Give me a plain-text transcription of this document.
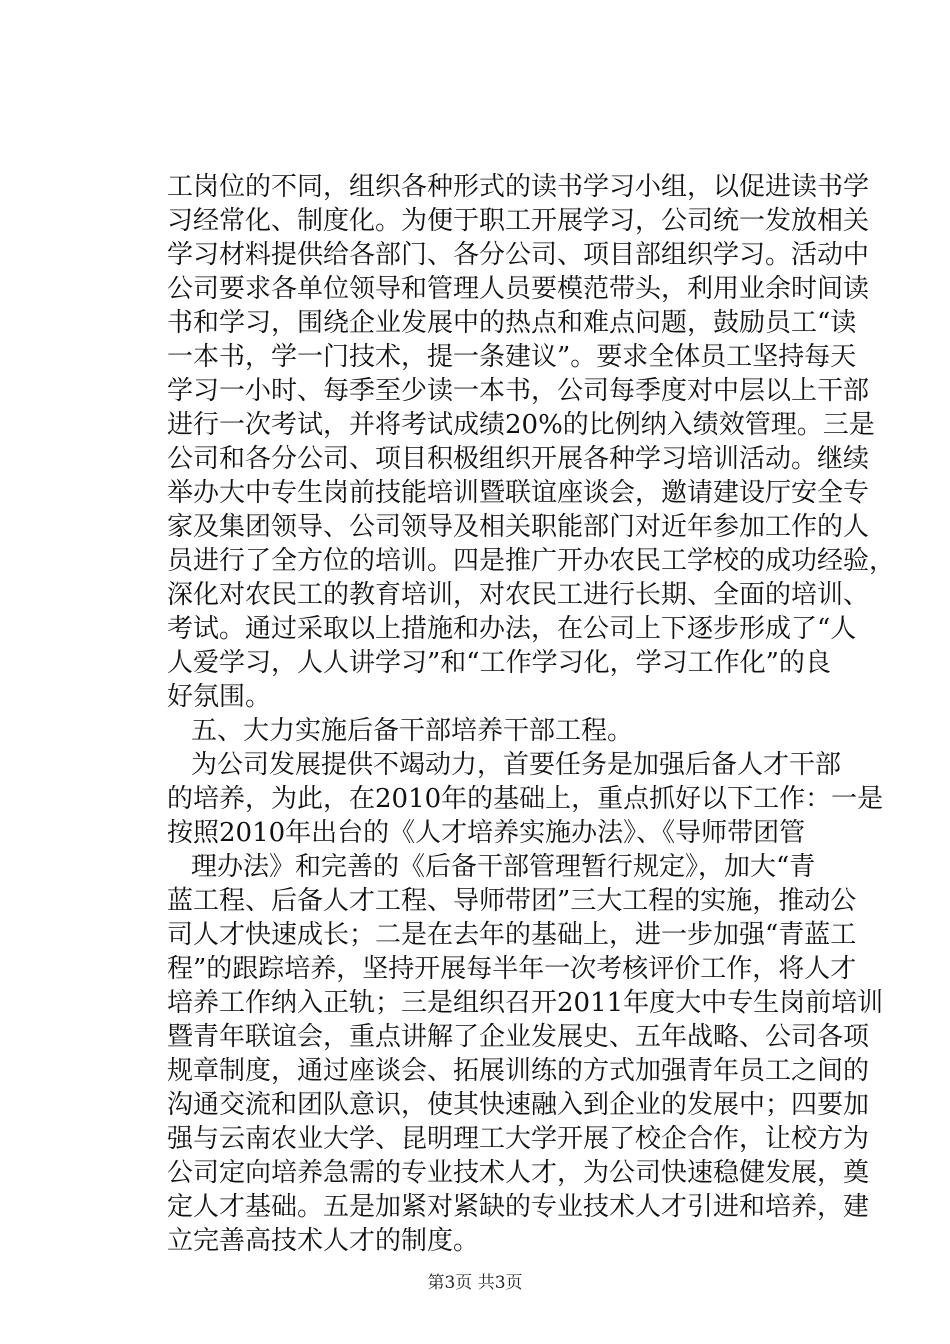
工岗位的不同，组织各种形式的读书学习小组，以促进读书学
习经常化、制度化。为便于职工开展学习，公司统一发放相关
学习材料提供给各部门、各分公司、项目部组织学习。活动中
公司要求各单位领导和管理人员要模范带头，利用业余时间读
书和学习，围绕企业发展中的热点和难点问题，鼓励员工“读
一本书，学一门技术，提一条建议”。要求全体员工坚持每天
学习一小时、每季至少读一本书，公司每季度对中层以上干部
进行一次考试，并将考试成绩20%的比例纳入绩效管理。三是
公司和各分公司、项目积极组织开展各种学习培训活动。继续
举办大中专生岗前技能培训暨联谊座谈会，邀请建设厅安全专
家及集团领导、公司领导及相关职能部门对近年参加工作的人
员进行了全方位的培训。四是推广开办农民工学校的成功经验，
深化对农民工的教育培训，对农民工进行长期、全面的培训、
考试。通过采取以上措施和办法，在公司上下逐步形成了“人
人爱学习，人人讲学习”和“工作学习化，学习工作化”的良
好氛围。
五、大力实施后备干部培养干部工程。
为公司发展提供不竭动力，首要任务是加强后备人才干部
的培养，为此，在2010年的基础上，重点抓好以下工作：一是
按照2010年出台的《人才培养实施办法》、《导师带团管
理办法》和完善的《后备干部管理暂行规定》，加大“青
蓝工程、后备人才工程、导师带团”三大工程的实施，推动公
司人才快速成长；二是在去年的基础上，进一步加强“青蓝工
程”的跟踪培养，坚持开展每半年一次考核评价工作，将人才
培养工作纳入正轨；三是组织召开2011年度大中专生岗前培训
暨青年联谊会，重点讲解了企业发展史、五年战略、公司各项
规章制度，通过座谈会、拓展训练的方式加强青年员工之间的
沟通交流和团队意识，使其快速融入到企业的发展中；四要加
强与云南农业大学、昆明理工大学开展了校企合作，让校方为
公司定向培养急需的专业技术人才，为公司快速稳健发展，奠
定人才基础。五是加紧对紧缺的专业技术人才引进和培养，建
立完善高技术人才的制度。
第3页 共3页
